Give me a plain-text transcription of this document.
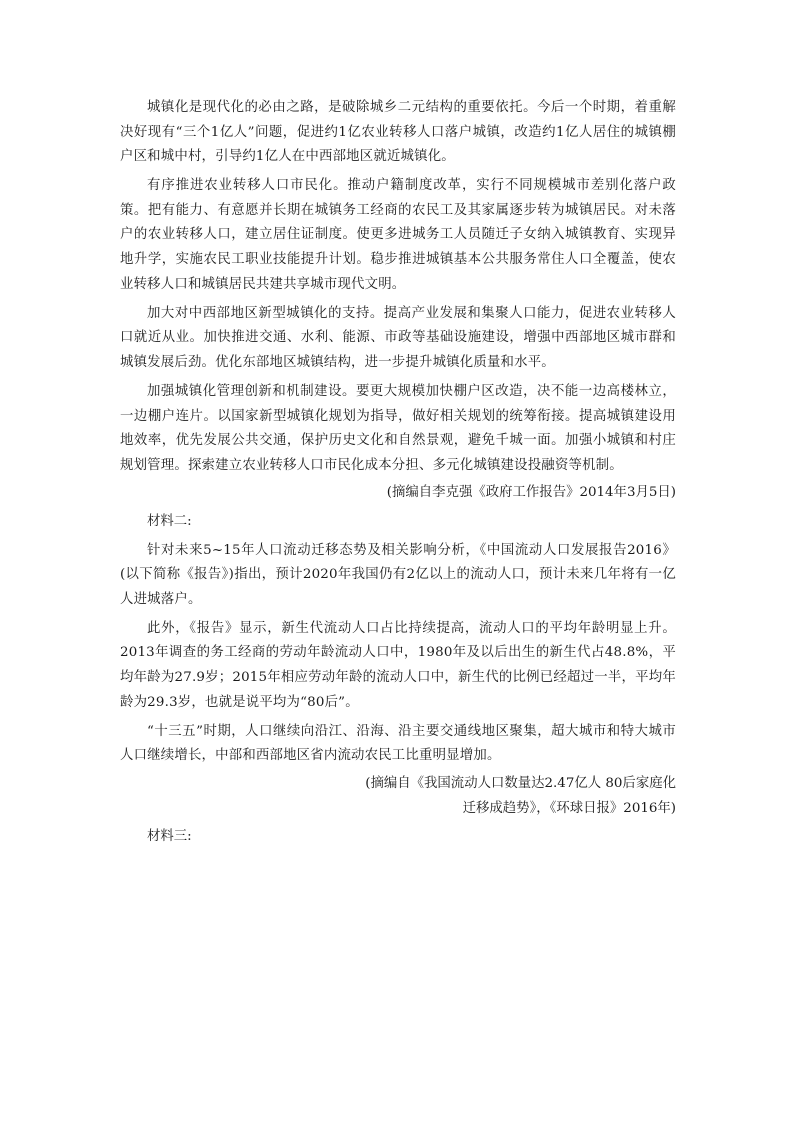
城镇化是现代化的必由之路，是破除城乡二元结构的重要依托。今后一个时期，着重解决好现有“三个1亿人”问题，促进约1亿农业转移人口落户城镇，改造约1亿人居住的城镇棚户区和城中村，引导约1亿人在中西部地区就近城镇化。

有序推进农业转移人口市民化。推动户籍制度改革，实行不同规模城市差别化落户政策。把有能力、有意愿并长期在城镇务工经商的农民工及其家属逐步转为城镇居民。对未落户的农业转移人口，建立居住证制度。使更多进城务工人员随迁子女纳入城镇教育、实现异地升学，实施农民工职业技能提升计划。稳步推进城镇基本公共服务常住人口全覆盖，使农业转移人口和城镇居民共建共享城市现代文明。

加大对中西部地区新型城镇化的支持。提高产业发展和集聚人口能力，促进农业转移人口就近从业。加快推进交通、水利、能源、市政等基础设施建设，增强中西部地区城市群和城镇发展后劲。优化东部地区城镇结构，进一步提升城镇化质量和水平。

加强城镇化管理创新和机制建设。要更大规模加快棚户区改造，决不能一边高楼林立，一边棚户连片。以国家新型城镇化规划为指导，做好相关规划的统筹衔接。提高城镇建设用地效率，优先发展公共交通，保护历史文化和自然景观，避免千城一面。加强小城镇和村庄规划管理。探索建立农业转移人口市民化成本分担、多元化城镇建设投融资等机制。

(摘编自李克强《政府工作报告》2014年3月5日)

材料二:

针对未来5~15年人口流动迁移态势及相关影响分析，《中国流动人口发展报告2016》(以下简称《报告》)指出，预计2020年我国仍有2亿以上的流动人口，预计未来几年将有一亿人进城落户。

此外，《报告》显示，新生代流动人口占比持续提高，流动人口的平均年龄明显上升。2013年调查的务工经商的劳动年龄流动人口中，1980年及以后出生的新生代占48.8%，平均年龄为27.9岁；2015年相应劳动年龄的流动人口中，新生代的比例已经超过一半，平均年龄为29.3岁，也就是说平均为“80后”。

“十三五”时期，人口继续向沿江、沿海、沿主要交通线地区聚集，超大城市和特大城市人口继续增长，中部和西部地区省内流动农民工比重明显增加。

(摘编自《我国流动人口数量达2.47亿人 80后家庭化
迁移成趋势》，《环球日报》2016年)

材料三:
